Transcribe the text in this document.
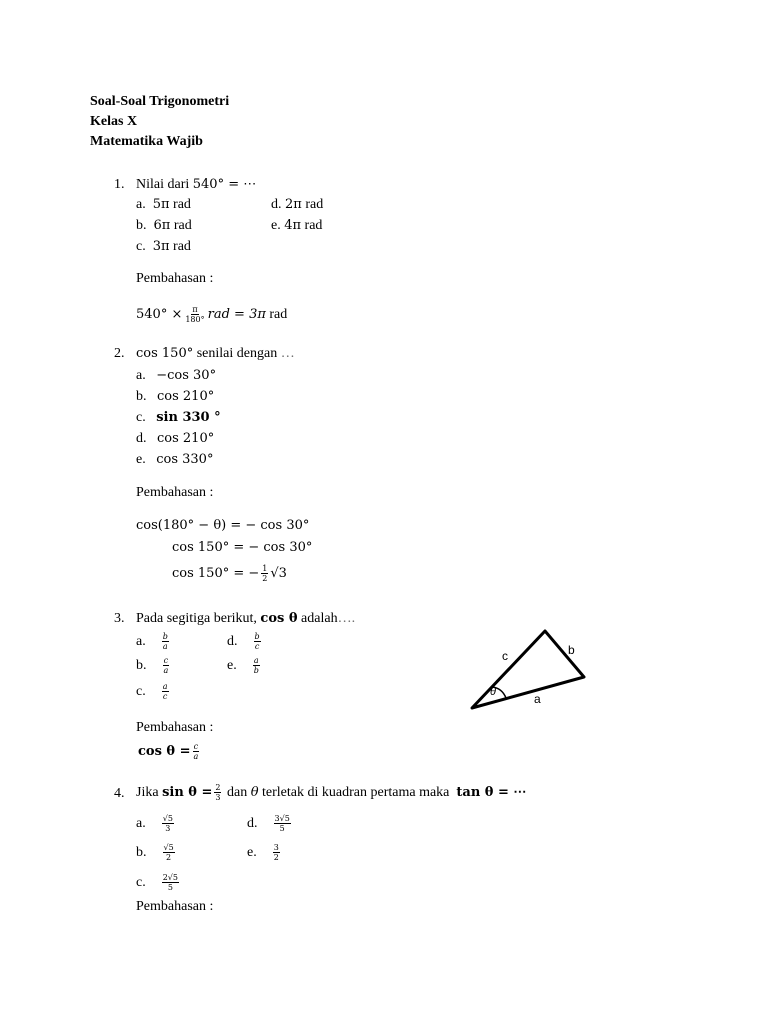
Soal-Soal Trigonometri
Kelas X
Matematika Wajib
1. Nilai dari 540° = ⋯
a. 5π rad
b. 6π rad
c. 3π rad
d. 2π rad
e. 4π rad
Pembahasan :
$540^\circ \times \frac{\pi}{180^\circ}$ rad = 3π rad
2. cos 150° senilai dengan …
a. −cos 30°
b. cos 210°
c. sin 330 °
d. cos 210°
e. cos 330°
Pembahasan :
cos(180° − θ) = − cos 30°
cos 150° = − cos 30°
cos 150° = − $\frac{1}{2} √3$
3. Pada segitiga berikut, cos θ adalah….
a. $\frac{b}{a}$
b. $\frac{c}{a}$
c. $\frac{a}{c}$
d. $\frac{b}{c}$
e. $\frac{a}{b}$
c	b
a
θ
Pembahasan :
$\cos \theta = \frac{c}{a}$
4. Jika $\sin \theta = \frac{2}{3}$ dan θ terletak di kuadran pertama maka tan θ = ⋯
a. $\frac{√5}{3}$
b. $\frac{√5}{2}$
c. $\frac{2√5}{5}$
d. $\frac{3√5}{5}$
e. $\frac{3}{2}$
Pembahasan :
